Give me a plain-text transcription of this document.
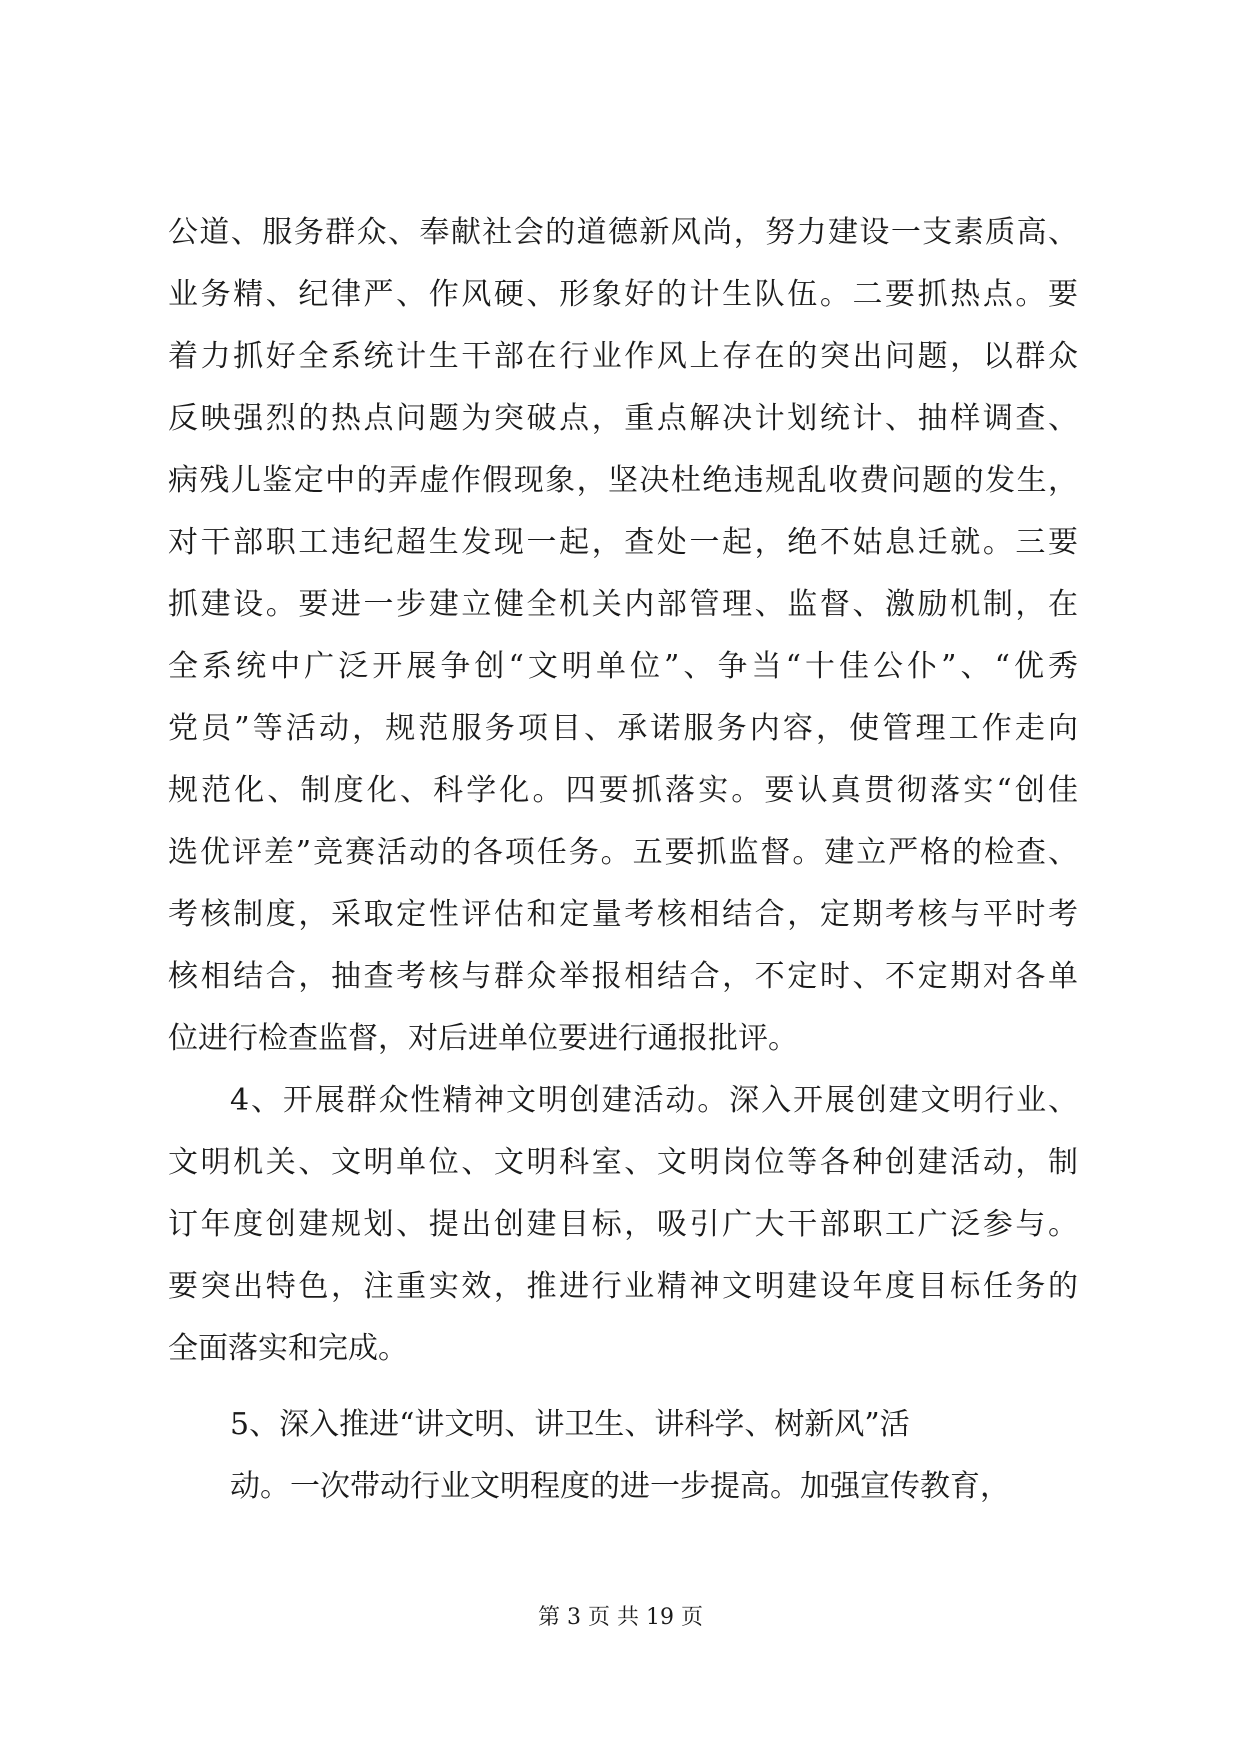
公道、服务群众、奉献社会的道德新风尚，努力建设一支素质高、
业务精、纪律严、作风硬、形象好的计生队伍。二要抓热点。要
着力抓好全系统计生干部在行业作风上存在的突出问题，以群众
反映强烈的热点问题为突破点，重点解决计划统计、抽样调查、
病残儿鉴定中的弄虚作假现象，坚决杜绝违规乱收费问题的发生，
对干部职工违纪超生发现一起，查处一起，绝不姑息迁就。三要
抓建设。要进一步建立健全机关内部管理、监督、激励机制，在
全系统中广泛开展争创“文明单位”、争当“十佳公仆”、“优秀
党员”等活动，规范服务项目、承诺服务内容，使管理工作走向
规范化、制度化、科学化。四要抓落实。要认真贯彻落实“创佳
选优评差”竞赛活动的各项任务。五要抓监督。建立严格的检查、
考核制度，采取定性评估和定量考核相结合，定期考核与平时考
核相结合，抽查考核与群众举报相结合，不定时、不定期对各单
位进行检查监督，对后进单位要进行通报批评。
4、开展群众性精神文明创建活动。深入开展创建文明行业、
文明机关、文明单位、文明科室、文明岗位等各种创建活动，制
订年度创建规划、提出创建目标，吸引广大干部职工广泛参与。
要突出特色，注重实效，推进行业精神文明建设年度目标任务的
全面落实和完成。
5、深入推进“讲文明、讲卫生、讲科学、树新风”活
动。一次带动行业文明程度的进一步提高。加强宣传教育，
第 3 页 共 19 页
